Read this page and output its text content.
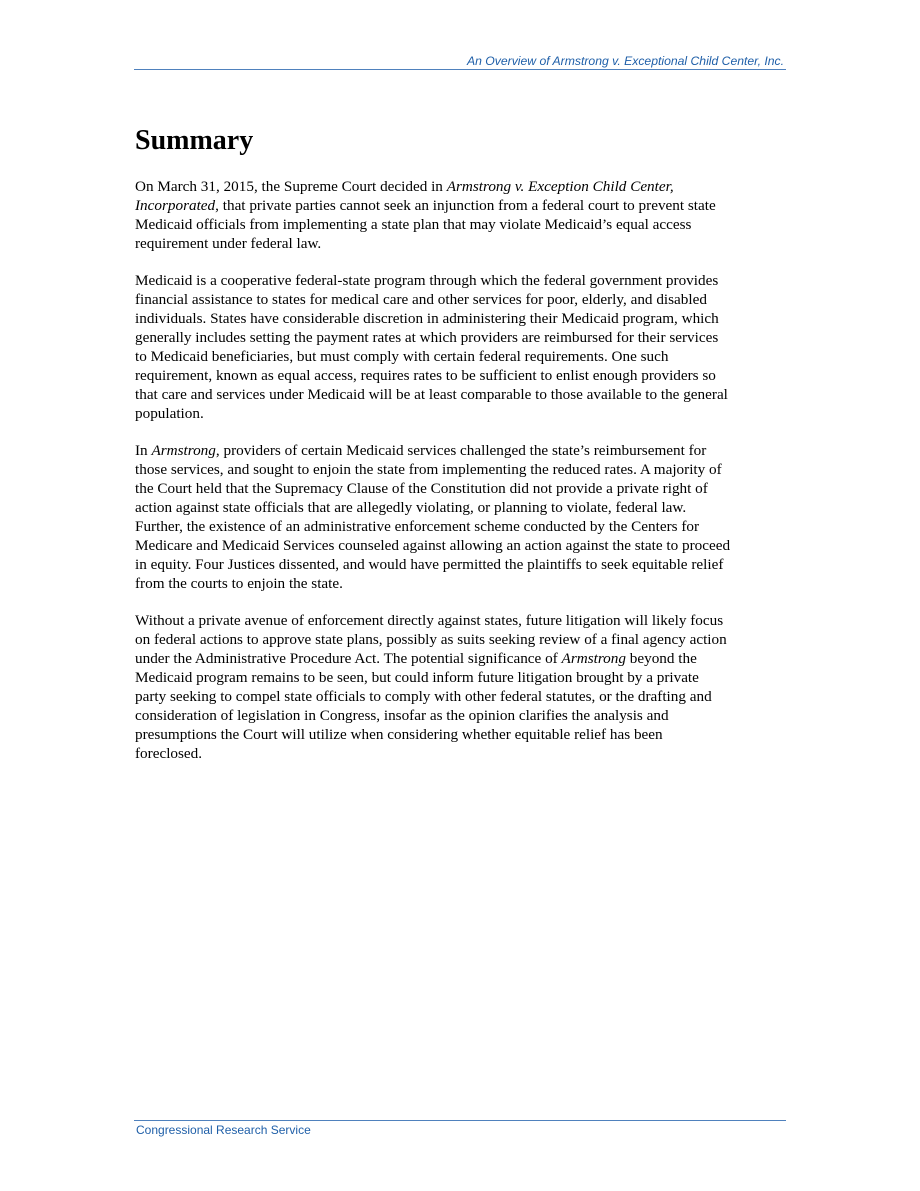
An Overview of Armstrong v. Exceptional Child Center, Inc.
Summary

On March 31, 2015, the Supreme Court decided in Armstrong v. Exception Child Center,
Incorporated, that private parties cannot seek an injunction from a federal court to prevent state
Medicaid officials from implementing a state plan that may violate Medicaid’s equal access
requirement under federal law.

Medicaid is a cooperative federal-state program through which the federal government provides
financial assistance to states for medical care and other services for poor, elderly, and disabled
individuals. States have considerable discretion in administering their Medicaid program, which
generally includes setting the payment rates at which providers are reimbursed for their services
to Medicaid beneficiaries, but must comply with certain federal requirements. One such
requirement, known as equal access, requires rates to be sufficient to enlist enough providers so
that care and services under Medicaid will be at least comparable to those available to the general
population.

In Armstrong, providers of certain Medicaid services challenged the state’s reimbursement for
those services, and sought to enjoin the state from implementing the reduced rates. A majority of
the Court held that the Supremacy Clause of the Constitution did not provide a private right of
action against state officials that are allegedly violating, or planning to violate, federal law.
Further, the existence of an administrative enforcement scheme conducted by the Centers for
Medicare and Medicaid Services counseled against allowing an action against the state to proceed
in equity. Four Justices dissented, and would have permitted the plaintiffs to seek equitable relief
from the courts to enjoin the state.

Without a private avenue of enforcement directly against states, future litigation will likely focus
on federal actions to approve state plans, possibly as suits seeking review of a final agency action
under the Administrative Procedure Act. The potential significance of Armstrong beyond the
Medicaid program remains to be seen, but could inform future litigation brought by a private
party seeking to compel state officials to comply with other federal statutes, or the drafting and
consideration of legislation in Congress, insofar as the opinion clarifies the analysis and
presumptions the Court will utilize when considering whether equitable relief has been
foreclosed.

Congressional Research Service
